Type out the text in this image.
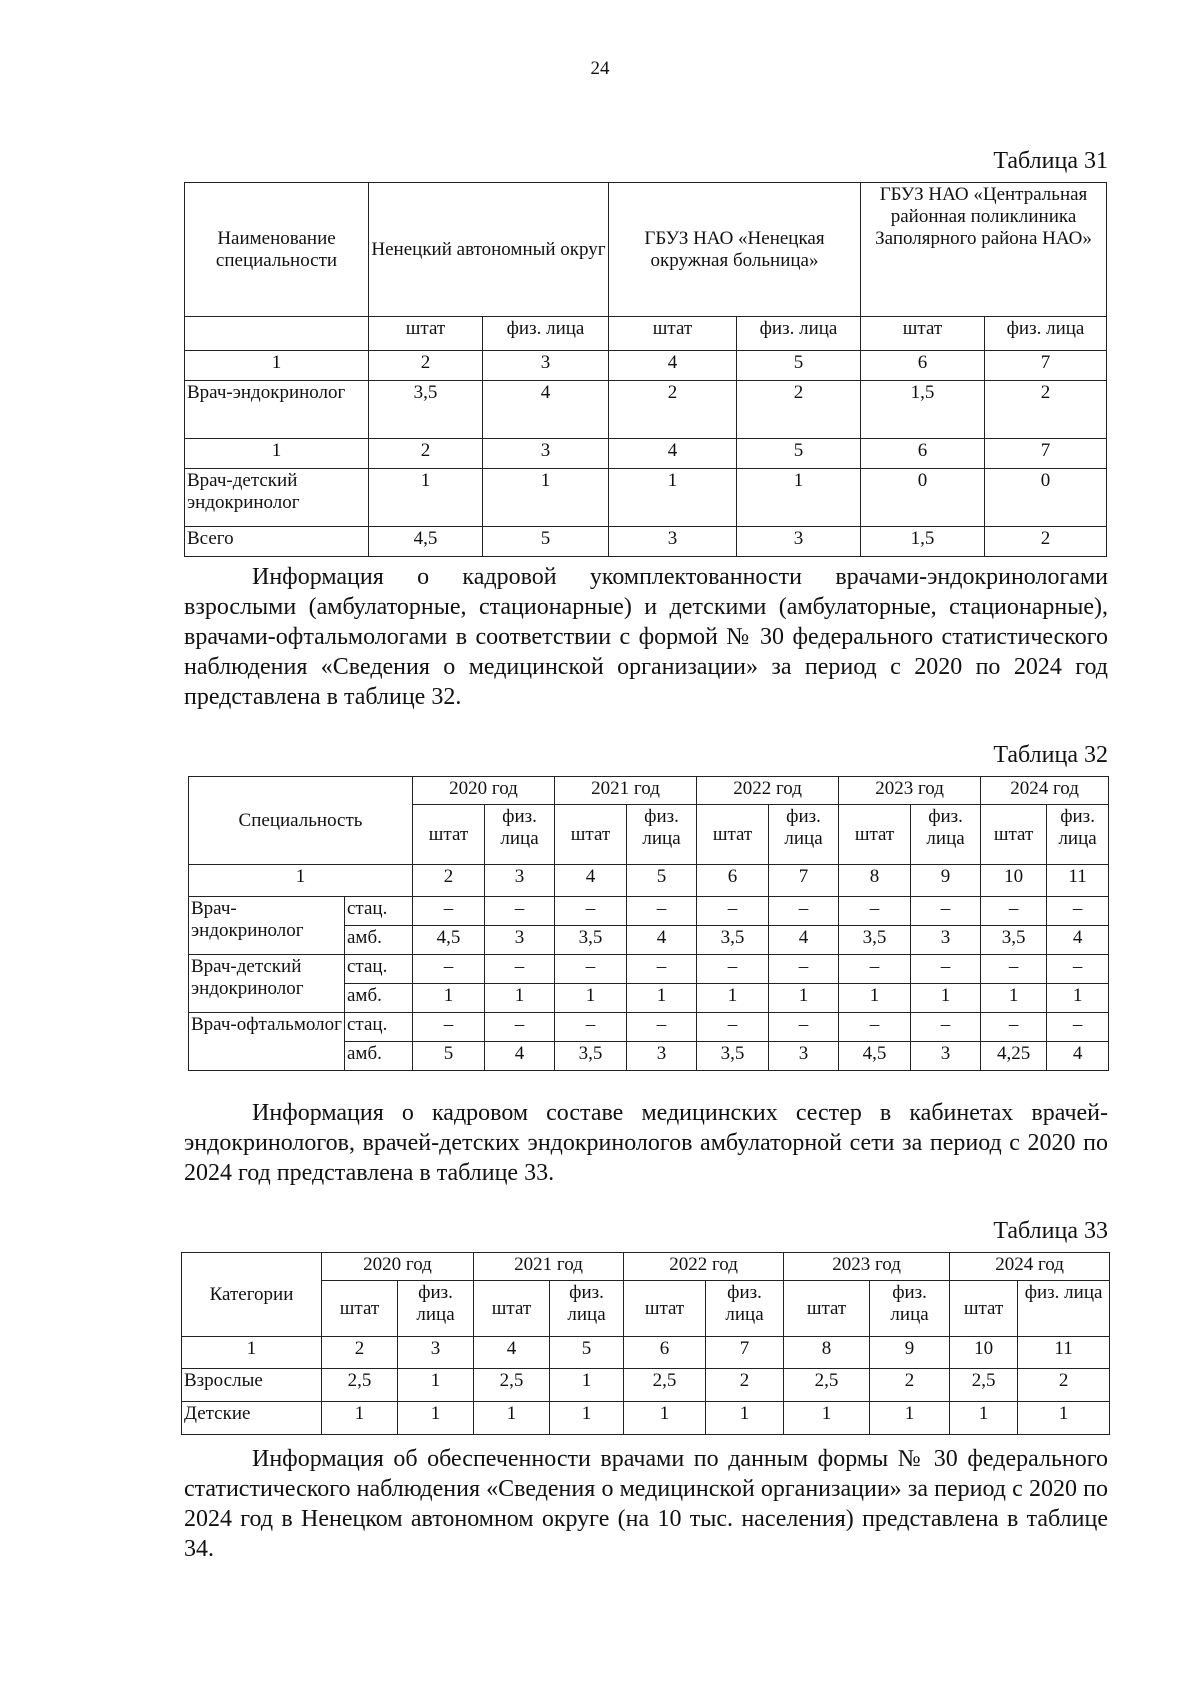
24
Таблица 31
Наименование специальности	Ненецкий автономный округ		ГБУЗ НАО «Ненецкая окружная больница»		ГБУЗ НАО «Центральная районная поликлиника Заполярного района НАО»	
	штат	физ. лица	штат	физ. лица	штат	физ. лица
1	2	3	4	5	6	7
Врач-эндокринолог	3,5	4	2	2	1,5	2
1	2	3	4	5	6	7
Врач-детский эндокринолог	1	1	1	1	0	0
Всего	4,5	5	3	3	1,5	2
Информация о кадровой укомплектованности врачами-эндокринологами взрослыми (амбулаторные, стационарные) и детскими (амбулаторные, стационарные), врачами-офтальмологами в соответствии с формой № 30 федерального статистического наблюдения «Сведения о медицинской организации» за период с 2020 по 2024 год представлена в таблице 32.
Таблица 32
Специальность		2020 год		2021 год		2022 год		2023 год		2024 год	
		штат	физ. лица	штат	физ. лица	штат	физ. лица	штат	физ. лица	штат	физ. лица
1		2	3	4	5	6	7	8	9	10	11
Врач-эндокринолог	стац.	–	–	–	–	–	–	–	–	–	–
	амб.	4,5	3	3,5	4	3,5	4	3,5	3	3,5	4
Врач-детский эндокринолог	стац.	–	–	–	–	–	–	–	–	–	–
	амб.	1	1	1	1	1	1	1	1	1	1
Врач-офтальмолог	стац.	–	–	–	–	–	–	–	–	–	–
	амб.	5	4	3,5	3	3,5	3	4,5	3	4,25	4
Информация о кадровом составе медицинских сестер в кабинетах врачей-эндокринологов, врачей-детских эндокринологов амбулаторной сети за период с 2020 по 2024 год представлена в таблице 33.
Таблица 33
Категории	2020 год		2021 год		2022 год		2023 год		2024 год	
	штат	физ. лица	штат	физ. лица	штат	физ. лица	штат	физ. лица	штат	физ. лица
1	2	3	4	5	6	7	8	9	10	11
Взрослые	2,5	1	2,5	1	2,5	2	2,5	2	2,5	2
Детские	1	1	1	1	1	1	1	1	1	1
Информация об обеспеченности врачами по данным формы № 30 федерального статистического наблюдения «Сведения о медицинской организации» за период с 2020 по 2024 год в Ненецком автономном округе (на 10 тыс. населения) представлена в таблице 34.
